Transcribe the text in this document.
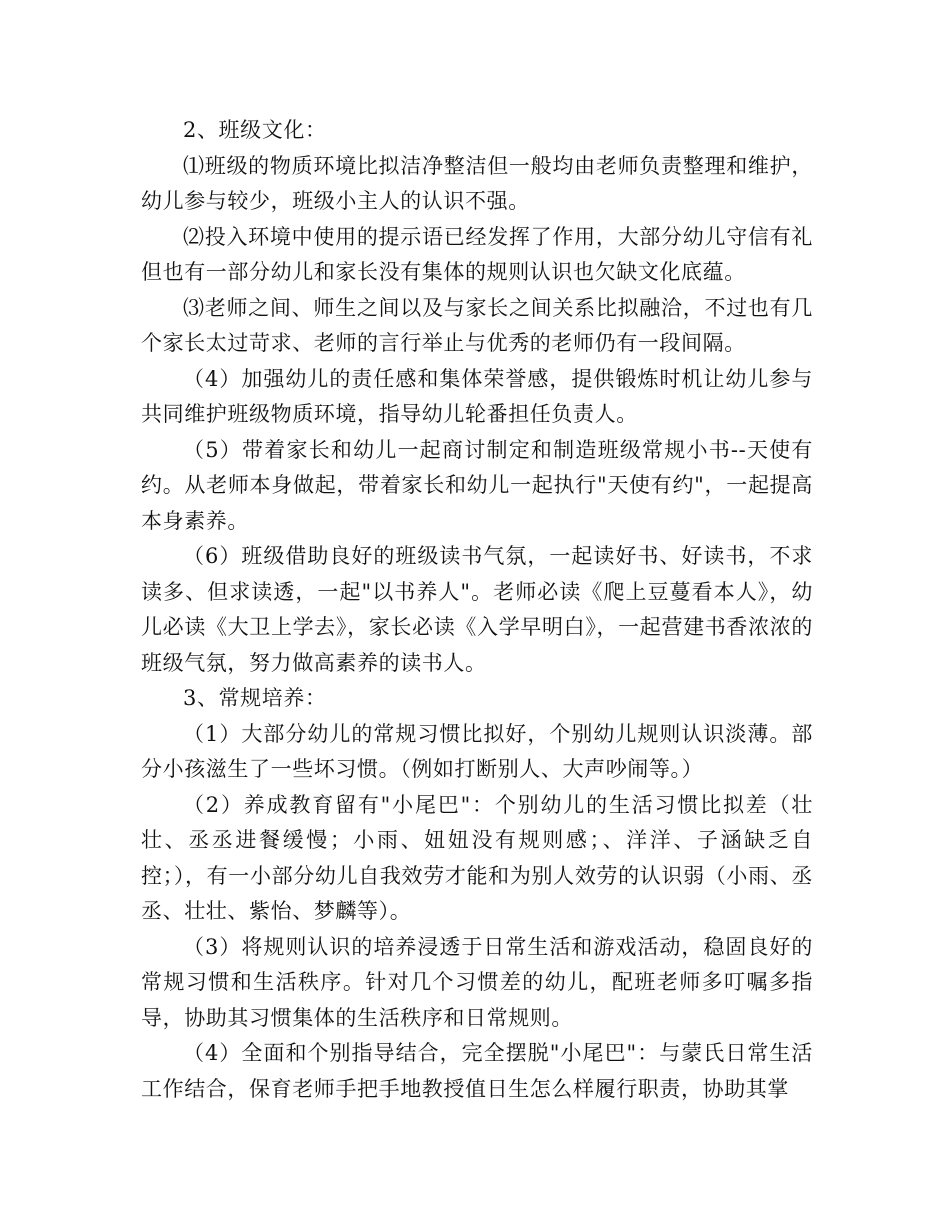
2、班级文化：

⑴班级的物质环境比拟洁净整洁但一般均由老师负责整理和维护，幼儿参与较少，班级小主人的认识不强。

⑵投入环境中使用的提示语已经发挥了作用，大部分幼儿守信有礼但也有一部分幼儿和家长没有集体的规则认识也欠缺文化底蕴。

⑶老师之间、师生之间以及与家长之间关系比拟融洽，不过也有几个家长太过苛求、老师的言行举止与优秀的老师仍有一段间隔。

（4）加强幼儿的责任感和集体荣誉感，提供锻炼时机让幼儿参与共同维护班级物质环境，指导幼儿轮番担任负责人。

（5）带着家长和幼儿一起商讨制定和制造班级常规小书--天使有约。从老师本身做起，带着家长和幼儿一起执行"天使有约"，一起提高本身素养。

（6）班级借助良好的班级读书气氛，一起读好书、好读书，不求读多、但求读透，一起"以书养人"。老师必读《爬上豆蔓看本人》，幼儿必读《大卫上学去》，家长必读《入学早明白》，一起营建书香浓浓的班级气氛，努力做高素养的读书人。

3、常规培养：

（1）大部分幼儿的常规习惯比拟好，个别幼儿规则认识淡薄。部分小孩滋生了一些坏习惯。（例如打断别人、大声吵闹等。）

（2）养成教育留有"小尾巴"：个别幼儿的生活习惯比拟差（壮壮、丞丞进餐缓慢；小雨、妞妞没有规则感；、洋洋、子涵缺乏自控；），有一小部分幼儿自我效劳才能和为别人效劳的认识弱（小雨、丞丞、壮壮、紫怡、梦麟等）。

（3）将规则认识的培养浸透于日常生活和游戏活动，稳固良好的常规习惯和生活秩序。针对几个习惯差的幼儿，配班老师多叮嘱多指导，协助其习惯集体的生活秩序和日常规则。

（4）全面和个别指导结合，完全摆脱"小尾巴"：与蒙氏日常生活工作结合，保育老师手把手地教授值日生怎么样履行职责，协助其掌
